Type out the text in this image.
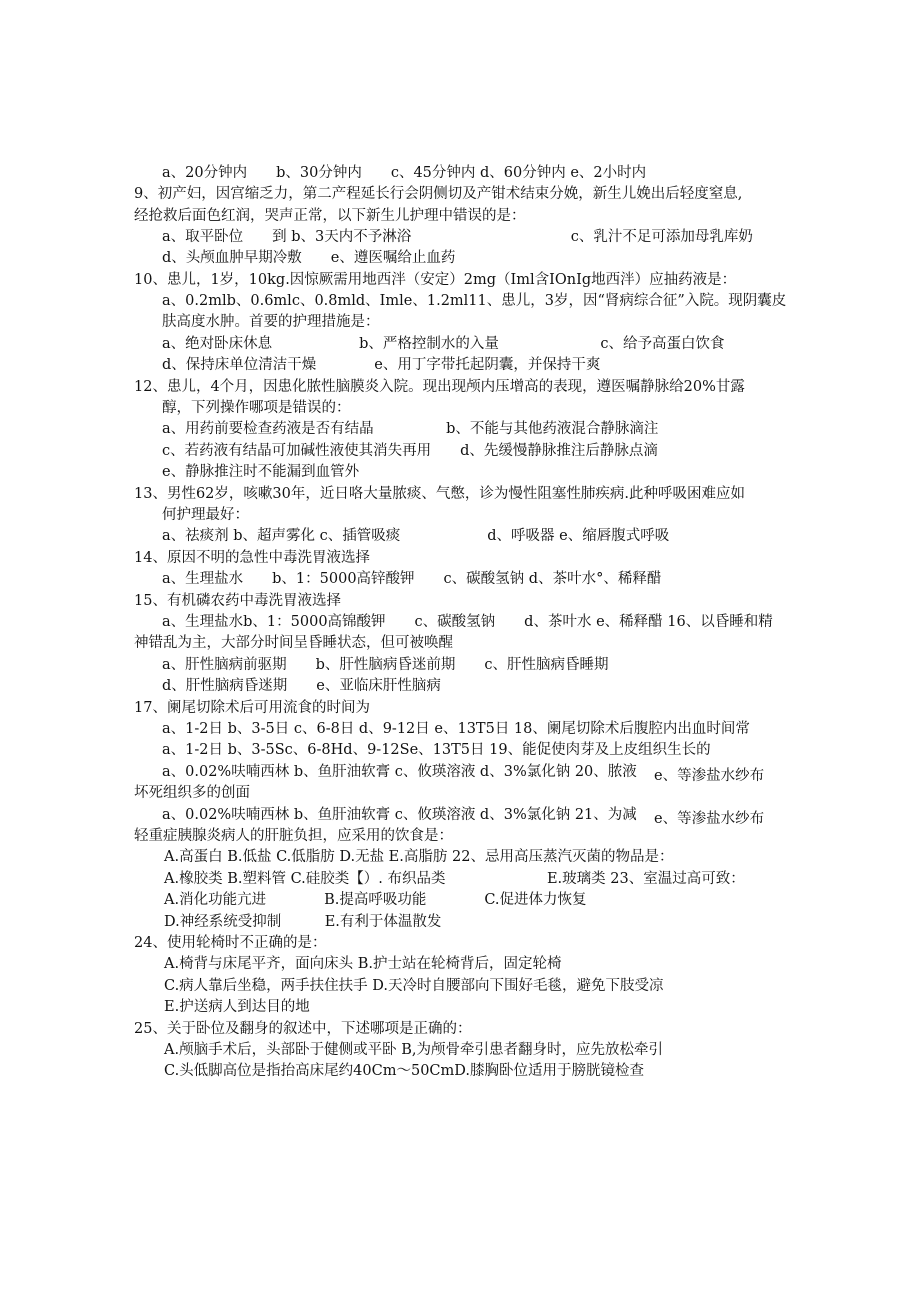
a、20分钟内　　b、30分钟内　　c、45分钟内 d、60分钟内 e、2小时内
9、初产妇，因宫缩乏力，第二产程延长行会阴侧切及产钳术结束分娩，新生儿娩出后轻度窒息,
经抢救后面色红润，哭声正常，以下新生儿护理中错误的是：
a、取平卧位　　到 b、3天内不予淋浴　　　　　　　　　　　c、乳汁不足可添加母乳库奶
d、头颅血肿早期冷敷　　e、遵医嘱给止血药
10、患儿，1岁，10kg.因惊厥需用地西泮（安定）2mg（Iml含IOnIg地西泮）应抽药液是：
a、0.2mlb、0.6mlc、0.8mld、Imle、1.2ml11、患儿，3岁，因“肾病综合征”入院。现阴囊皮
肤高度水肿。首要的护理措施是：
a、绝对卧床休息　　　　　　b、严格控制水的入量　　　　　　　c、给予高蛋白饮食
d、保持床单位清洁干燥　　　　e、用丁字带托起阴囊，并保持干爽
12、患儿，4个月，因患化脓性脑膜炎入院。现出现颅内压增高的表现，遵医嘱静脉给20%甘露
醇，下列操作哪项是错误的：
a、用药前要检查药液是否有结晶　　　　　b、不能与其他药液混合静脉滴注
c、若药液有结晶可加碱性液使其消失再用　　d、先缓慢静脉推注后静脉点滴
e、静脉推注时不能漏到血管外
13、男性62岁，咳嗽30年，近日咯大量脓痰、气憋，诊为慢性阻塞性肺疾病.此种呼吸困难应如
何护理最好：
a、祛痰剂 b、超声雾化 c、插管吸痰　　　　　　d、呼吸器 e、缩唇腹式呼吸
14、原因不明的急性中毒洗胃液选择
a、生理盐水　　b、1：5000高锌酸钾　　c、碳酸氢钠 d、茶叶水°、稀释醋
15、有机磷农药中毒洗胃液选择
a、生理盐水b、1：5000高锦酸钾　　c、碳酸氢钠　　d、茶叶水 e、稀释醋 16、以昏睡和精
神错乱为主，大部分时间呈昏睡状态，但可被唤醒
a、肝性脑病前驱期　　b、肝性脑病昏迷前期　　c、肝性脑病昏睡期
d、肝性脑病昏迷期　　e、亚临床肝性脑病
17、阑尾切除术后可用流食的时间为
a、1-2日 b、3-5日 c、6-8日 d、9-12日 e、13T5日 18、阑尾切除术后腹腔内出血时间常
a、1-2日 b、3-5Sc、6-8Hd、9-12Se、13T5日 19、能促使肉芽及上皮组织生长的
a、0.02%呋喃西林 b、鱼肝油软膏 c、攸瑛溶液 d、3%氯化钠 20、脓液 e、等渗盐水纱布
坏死组织多的创面
a、0.02%呋喃西林 b、鱼肝油软膏 c、攸瑛溶液 d、3%氯化钠 21、为减 e、等渗盐水纱布
轻重症胰腺炎病人的肝脏负担，应采用的饮食是：
A.高蛋白 B.低盐 C.低脂肪 D.无盐 E.高脂肪 22、忌用高压蒸汽灭菌的物品是：
A.橡胶类 B.塑料管 C.硅胶类【）. 布织品类　　　　　　　E.玻璃类 23、室温过高可致：
A.消化功能亢进　　　　B.提高呼吸功能　　　　C.促进体力恢复
D.神经系统受抑制　　　E.有利于体温散发
24、使用轮椅时不正确的是：
A.椅背与床尾平齐，面向床头 B.护士站在轮椅背后，固定轮椅
C.病人靠后坐稳，两手扶住扶手 D.天冷时自腰部向下围好毛毯，避免下肢受凉
E.护送病人到达目的地
25、关于卧位及翻身的叙述中，下述哪项是正确的：
A.颅脑手术后，头部卧于健侧或平卧 B,为颅骨牵引患者翻身时，应先放松牵引
C.头低脚高位是指抬高床尾约40Cm～50CmD.膝胸卧位适用于膀胱镜检查
